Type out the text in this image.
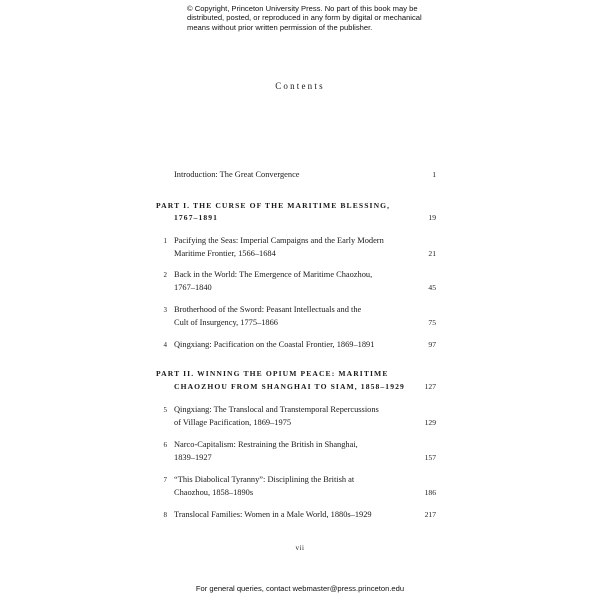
© Copyright, Princeton University Press. No part of this book may be
distributed, posted, or reproduced in any form by digital or mechanical
means without prior written permission of the publisher.
Contents
Introduction: The Great Convergence	1
PART I. THE CURSE OF THE MARITIME BLESSING,
1767–1891	19
1 Pacifying the Seas: Imperial Campaigns and the Early Modern
Maritime Frontier, 1566–1684	21
2 Back in the World: The Emergence of Maritime Chaozhou,
1767–1840	45
3 Brotherhood of the Sword: Peasant Intellectuals and the
Cult of Insurgency, 1775–1866	75
4 Qingxiang: Pacification on the Coastal Frontier, 1869–1891	97
PART II. WINNING THE OPIUM PEACE: MARITIME
CHAOZHOU FROM SHANGHAI TO SIAM, 1858–1929	127
5 Qingxiang: The Translocal and Transtemporal Repercussions
of Village Pacification, 1869–1975	129
6 Narco-Capitalism: Restraining the British in Shanghai,
1839–1927	157
7 “This Diabolical Tyranny”: Disciplining the British at
Chaozhou, 1858–1890s	186
8 Translocal Families: Women in a Male World, 1880s–1929	217
vii
For general queries, contact webmaster@press.princeton.edu
